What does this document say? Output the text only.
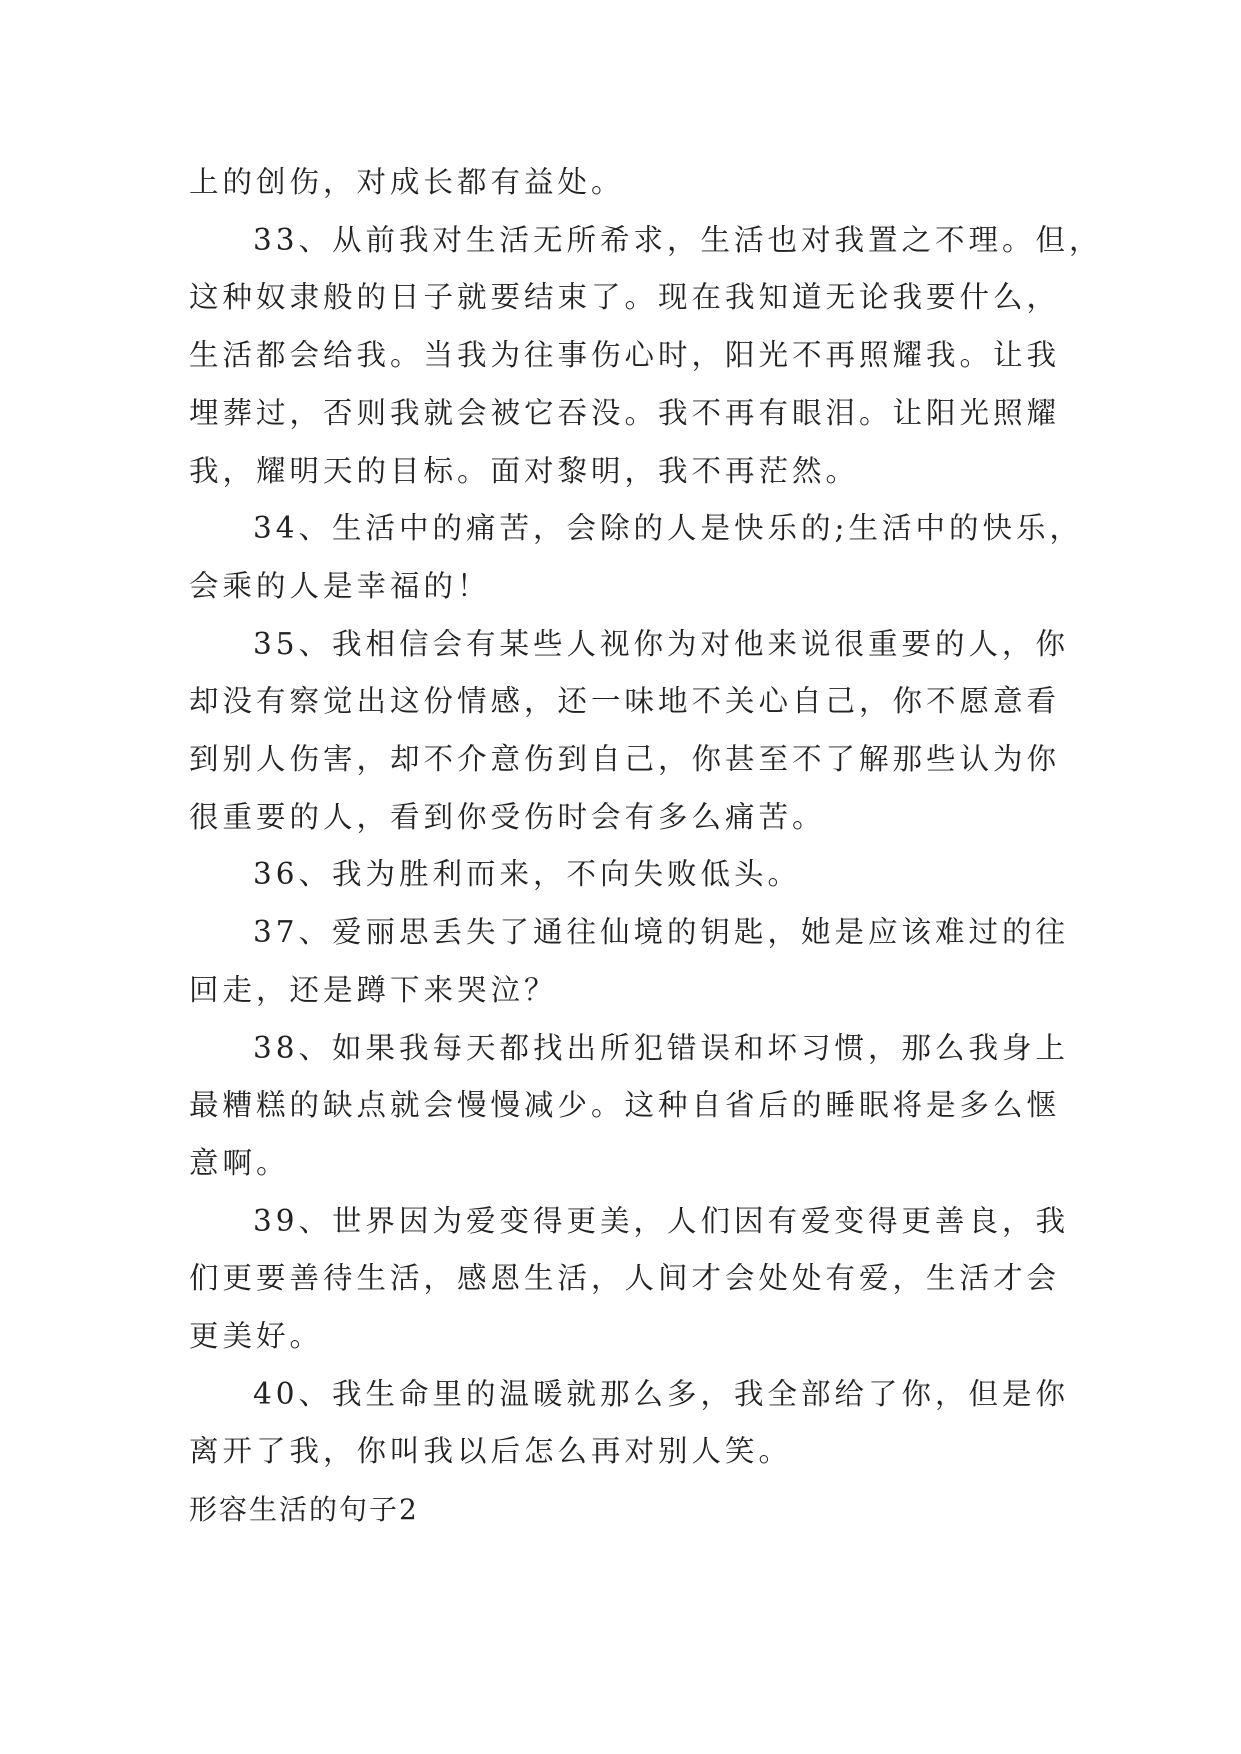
上的创伤，对成长都有益处。

33、从前我对生活无所希求，生活也对我置之不理。但，

这种奴隶般的日子就要结束了。现在我知道无论我要什么，

生活都会给我。当我为往事伤心时，阳光不再照耀我。让我

埋葬过，否则我就会被它吞没。我不再有眼泪。让阳光照耀

我，耀明天的目标。面对黎明，我不再茫然。

34、生活中的痛苦，会除的人是快乐的;生活中的快乐，

会乘的人是幸福的！

35、我相信会有某些人视你为对他来说很重要的人，你

却没有察觉出这份情感，还一味地不关心自己，你不愿意看

到别人伤害，却不介意伤到自己，你甚至不了解那些认为你

很重要的人，看到你受伤时会有多么痛苦。

36、我为胜利而来，不向失败低头。

37、爱丽思丢失了通往仙境的钥匙，她是应该难过的往

回走，还是蹲下来哭泣？

38、如果我每天都找出所犯错误和坏习惯，那么我身上

最糟糕的缺点就会慢慢减少。这种自省后的睡眠将是多么惬

意啊。

39、世界因为爱变得更美，人们因有爱变得更善良，我

们更要善待生活，感恩生活，人间才会处处有爱，生活才会

更美好。

40、我生命里的温暖就那么多，我全部给了你，但是你

离开了我，你叫我以后怎么再对别人笑。

形容生活的句子2
